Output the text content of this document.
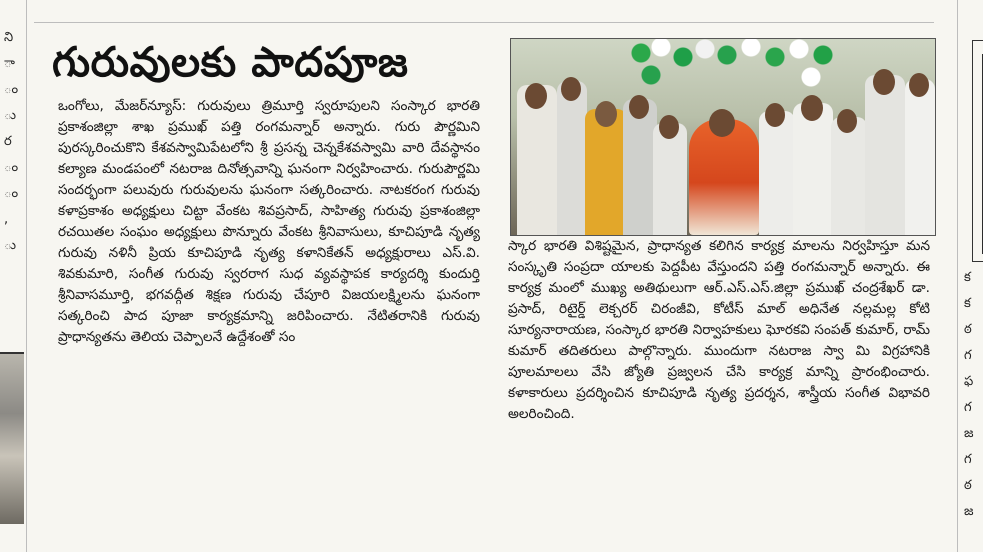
ని
ా
ం
ు
ర
ం
ం
,
ు
గురువులకు పాదపూజ

ఒంగోలు, మేజర్‌న్యూస్: గురువులు త్రిమూర్తి స్వరూపులని సంస్కార భారతి ప్రకాశంజిల్లా శాఖ ప్రముఖ్ పత్తి రంగమన్నార్ అన్నారు. గురు పౌర్ణమిని పురస్కరించుకొని కేశవస్వామిపేటలోని శ్రీ ప్రసన్న చెన్నకేశవస్వామి వారి దేవస్థానం కల్యాణ మండపంలో నటరాజ దినోత్సవాన్ని ఘనంగా నిర్వహించారు. గురుపౌర్ణమి సందర్భంగా పలువురు గురువులను ఘనంగా సత్కరించారు. నాటకరంగ గురువు కళాప్రకాశం అధ్యక్షులు చిట్టా వేంకట శివప్రసాద్, సాహిత్య గురువు ప్రకాశంజిల్లా రచయితల సంఘం అధ్యక్షులు పొన్నూరు వేంకట శ్రీనివాసులు, కూచిపూడి నృత్య గురువు నళినీ ప్రియ కూచిపూడి నృత్య కళానికేతన్ అధ్యక్షురాలు ఎస్.వి. శివకుమారి, సంగీత గురువు స్వరరాగ సుధ వ్యవస్థాపక కార్యదర్శి కుందుర్తి శ్రీనివాసమూర్తి, భగవద్గీత శిక్షణ గురువు చేపూరి విజయలక్ష్మిలను ఘనంగా సత్కరించి పాద పూజా కార్యక్రమాన్ని జరిపించారు. నేటితరానికి గురువు ప్రాధాన్యతను తెలియ చెప్పాలనే ఉద్దేశంతో సం

స్కార భారతి విశిష్టమైన, ప్రాధాన్యత కలిగిన కార్యక్ర మాలను నిర్వహిస్తూ మన సంస్కృతి సంప్రదా యాలకు పెద్దపీట వేస్తుందని పత్తి రంగమన్నార్ అన్నారు. ఈ కార్యక్ర మంలో ముఖ్య అతిథులుగా ఆర్.ఎస్.ఎస్.జిల్లా ప్రముఖ్ చంద్రశేఖర్ డా. ప్రసాద్, రిటైర్డ్ లెక్చరర్ చిరంజీవి, కోటీస్ మాల్ అధినేత నల్లమల్ల కోటి సూర్యనారాయణ, సంస్కార భారతి నిర్వాహకులు ఘోరకవి సంపత్ కుమార్, రామ్ కుమార్ తదితరులు పాల్గొన్నారు. ముందుగా నటరాజ స్వా మి విగ్రహానికి పూలమాలలు వేసి జ్యోతి ప్రజ్వలన చేసి కార్యక్ర మాన్ని ప్రారంభించారు. కళాకారులు ప్రదర్శించిన కూచిపూడి నృత్య ప్రదర్శన, శాస్త్రీయ సంగీత విభావరి అలరించింది.

క
క
ఠ
గ
ఫ
గ
జ
గ
ఠ
జ
